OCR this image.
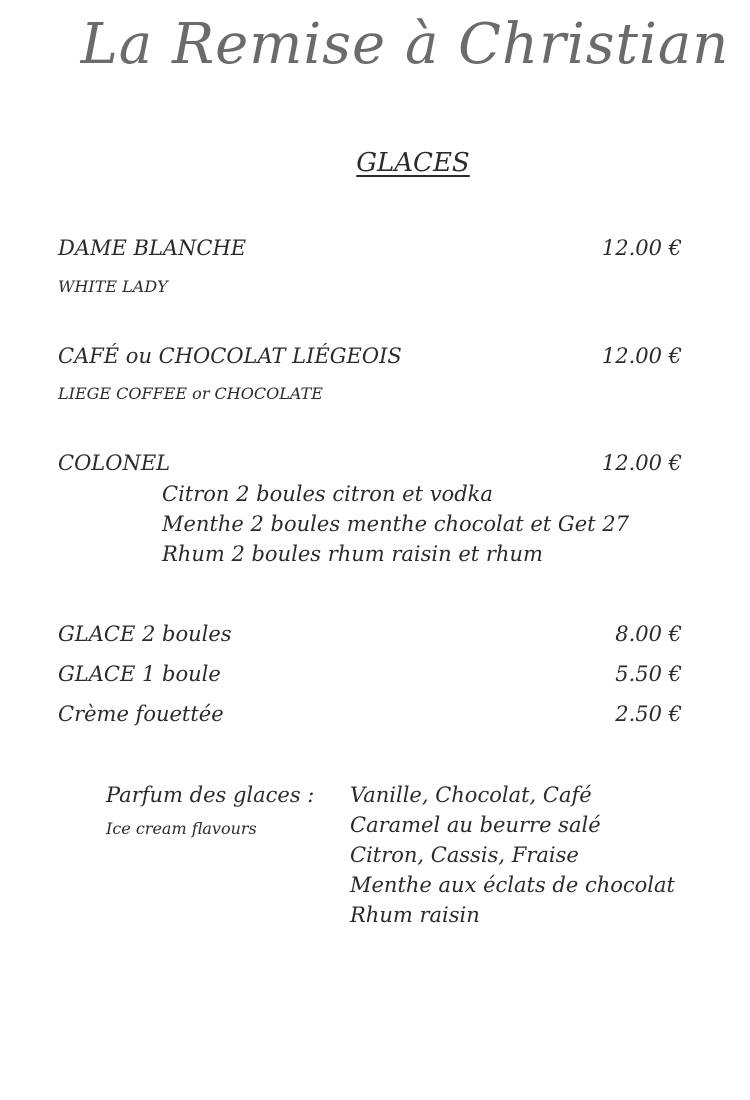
La Remise à Christian
GLACES
DAME BLANCHE	12.00 €
WHITE LADY
CAFÉ ou CHOCOLAT LIÉGEOIS	12.00 €
LIEGE COFFEE or CHOCOLATE
COLONEL	12.00 €
Citron 2 boules citron et vodka
Menthe 2 boules menthe chocolat et Get 27
Rhum 2 boules rhum raisin et rhum
GLACE 2 boules	8.00 €
GLACE 1 boule	5.50 €
Crème fouettée	2.50 €
Parfum des glaces :
Ice cream flavours
Vanille, Chocolat, Café
Caramel au beurre salé
Citron, Cassis, Fraise
Menthe aux éclats de chocolat
Rhum raisin
